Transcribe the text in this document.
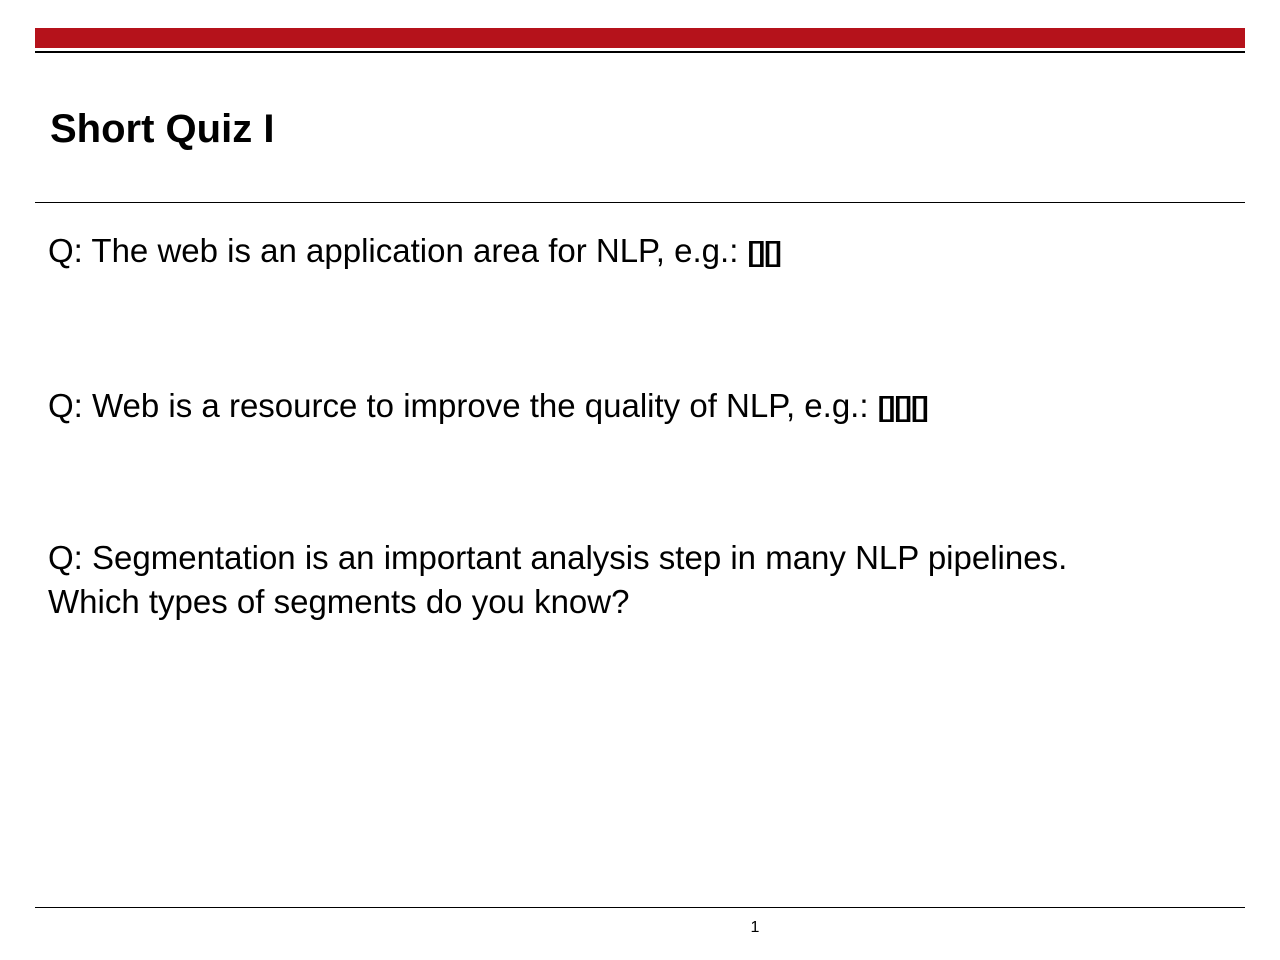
Short Quiz I

Q: The web is an application area for NLP, e.g.: [][]

Q: Web is a resource to improve the quality of NLP, e.g.: [][][]

Q: Segmentation is an important analysis step in many NLP pipelines.
Which types of segments do you know?
1
